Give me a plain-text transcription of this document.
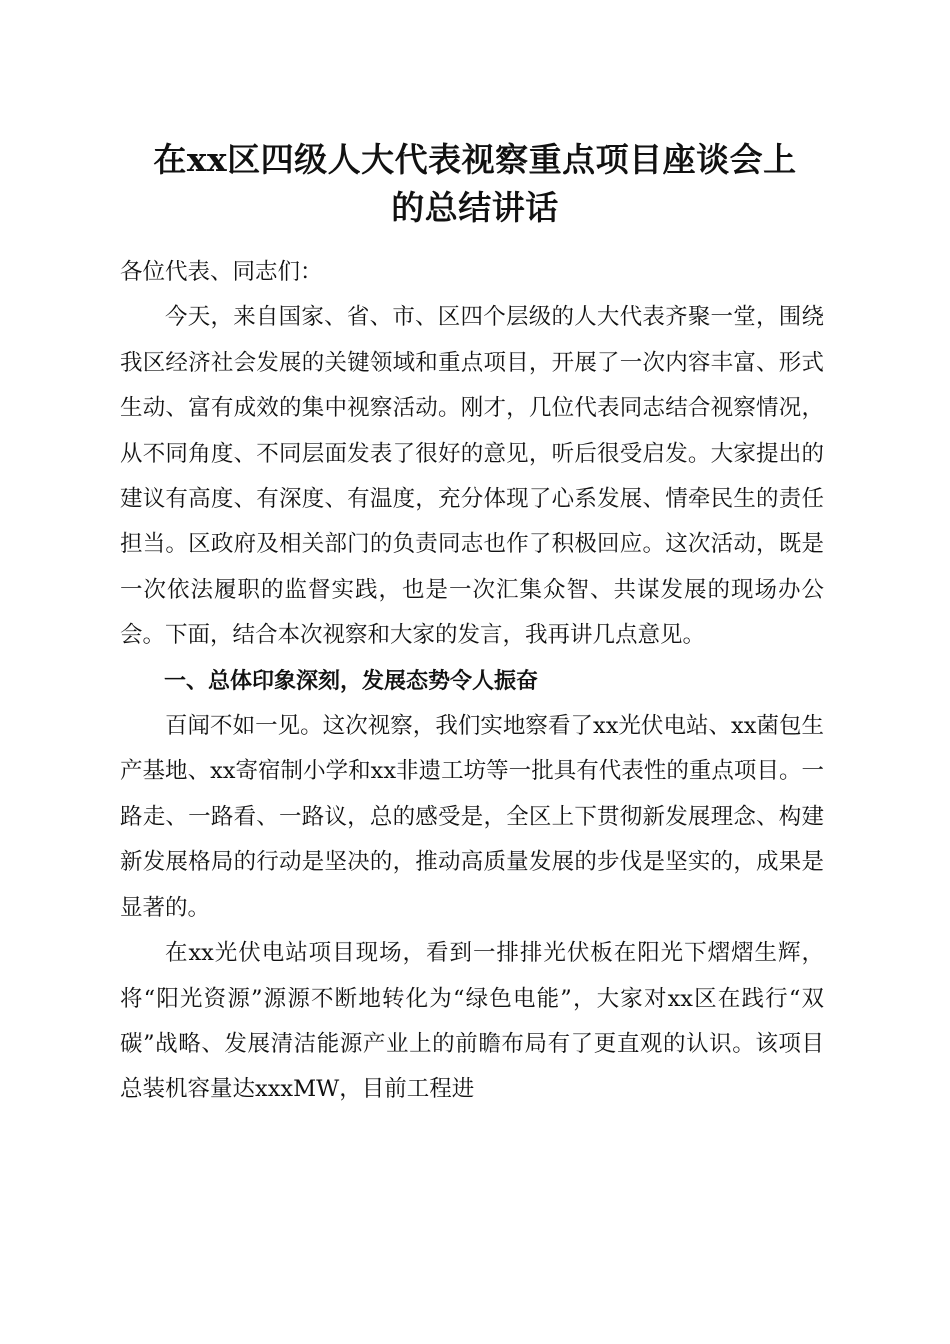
在xx区四级人大代表视察重点项目座谈会上
的总结讲话

各位代表、同志们：

今天，来自国家、省、市、区四个层级的人大代表齐聚一堂，围绕我区经济社会发展的关键领域和重点项目，开展了一次内容丰富、形式生动、富有成效的集中视察活动。刚才，几位代表同志结合视察情况，从不同角度、不同层面发表了很好的意见，听后很受启发。大家提出的建议有高度、有深度、有温度，充分体现了心系发展、情牵民生的责任担当。区政府及相关部门的负责同志也作了积极回应。这次活动，既是一次依法履职的监督实践，也是一次汇集众智、共谋发展的现场办公会。下面，结合本次视察和大家的发言，我再讲几点意见。

一、总体印象深刻，发展态势令人振奋

百闻不如一见。这次视察，我们实地察看了xx光伏电站、xx菌包生产基地、xx寄宿制小学和xx非遗工坊等一批具有代表性的重点项目。一路走、一路看、一路议，总的感受是，全区上下贯彻新发展理念、构建新发展格局的行动是坚决的，推动高质量发展的步伐是坚实的，成果是显著的。

在xx光伏电站项目现场，看到一排排光伏板在阳光下熠熠生辉，将“阳光资源”源源不断地转化为“绿色电能”，大家对xx区在践行“双碳”战略、发展清洁能源产业上的前瞻布局有了更直观的认识。该项目总装机容量达xxxMW，目前工程进
